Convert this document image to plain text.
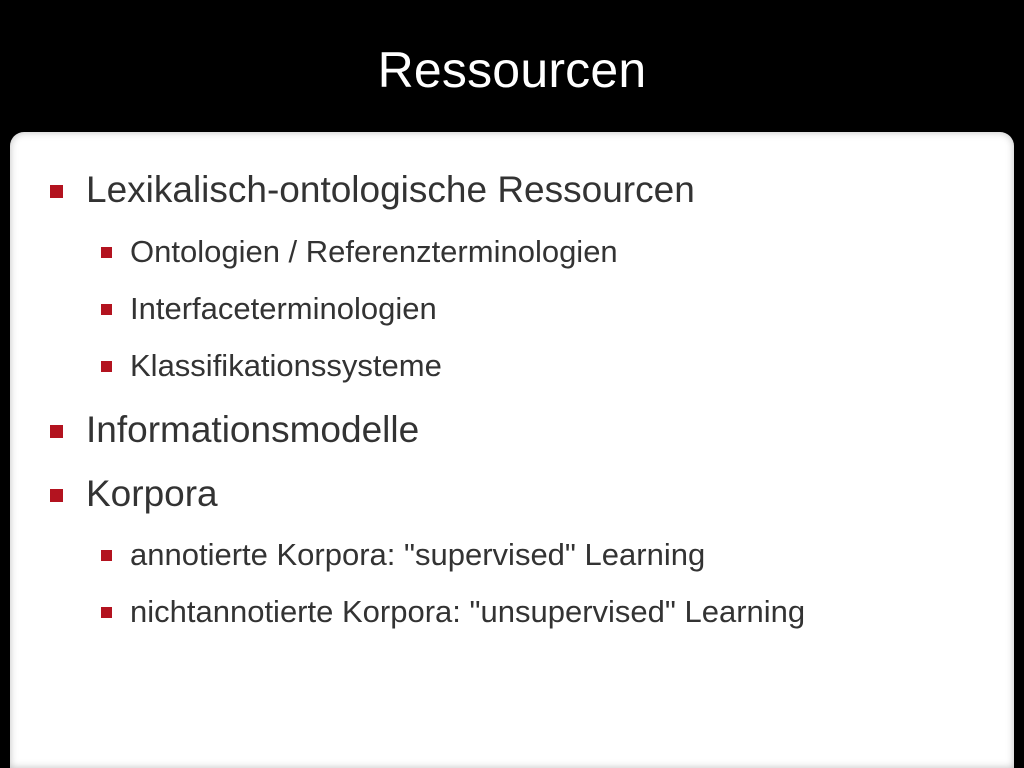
Ressourcen
Lexikalisch-ontologische Ressourcen
Ontologien / Referenzterminologien
Interfaceterminologien
Klassifikationssysteme
Informationsmodelle
Korpora
annotierte Korpora: "supervised" Learning
nichtannotierte Korpora: "unsupervised" Learning
